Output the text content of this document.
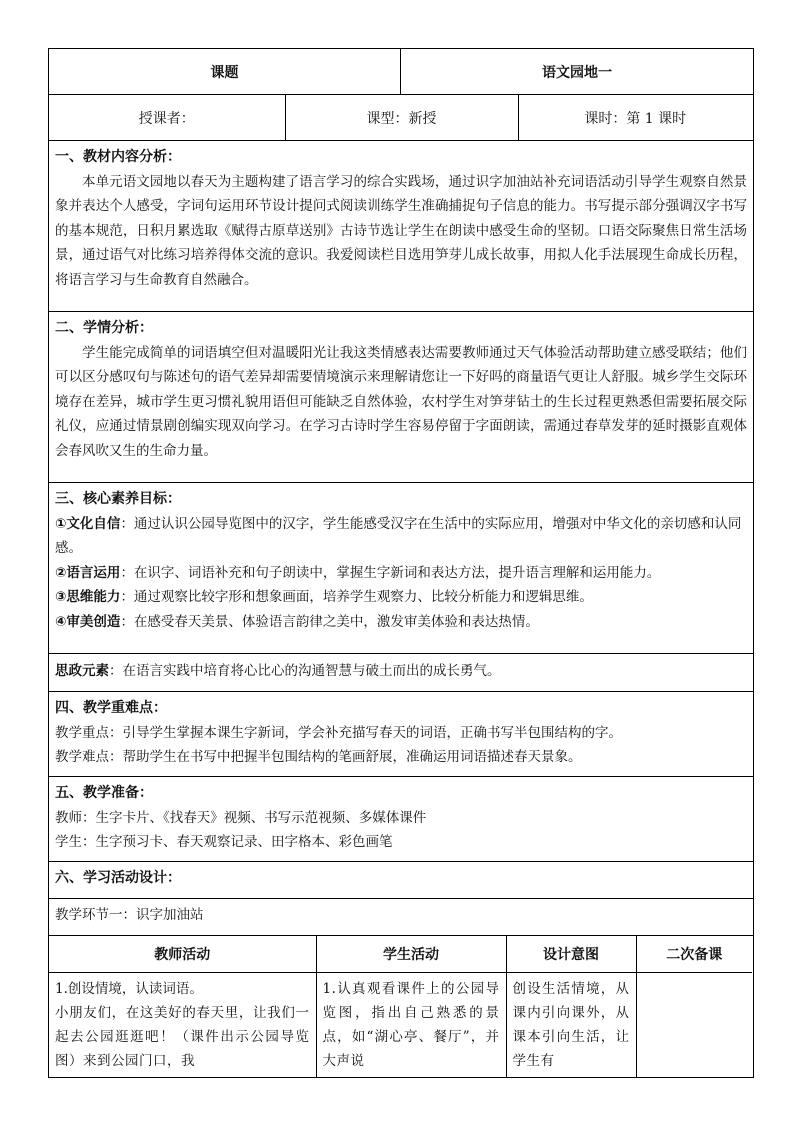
课题	语文园地一

授课者：	课型：新授	课时：第 1 课时

一、教材内容分析：
本单元语文园地以春天为主题构建了语言学习的综合实践场，通过识字加油站补充词语活动引导学生观察自然景象并表达个人感受，字词句运用环节设计提问式阅读训练学生准确捕捉句子信息的能力。书写提示部分强调汉字书写的基本规范，日积月累选取《赋得古原草送别》古诗节选让学生在朗读中感受生命的坚韧。口语交际聚焦日常生活场景，通过语气对比练习培养得体交流的意识。我爱阅读栏目选用笋芽儿成长故事，用拟人化手法展现生命成长历程，将语言学习与生命教育自然融合。

二、学情分析：
学生能完成简单的词语填空但对温暖阳光让我这类情感表达需要教师通过天气体验活动帮助建立感受联结；他们可以区分感叹句与陈述句的语气差异却需要情境演示来理解请您让一下好吗的商量语气更让人舒服。城乡学生交际环境存在差异，城市学生更习惯礼貌用语但可能缺乏自然体验，农村学生对笋芽钻土的生长过程更熟悉但需要拓展交际礼仪，应通过情景剧创编实现双向学习。在学习古诗时学生容易停留于字面朗读，需通过春草发芽的延时摄影直观体会春风吹又生的生命力量。

三、核心素养目标：
①文化自信：通过认识公园导览图中的汉字，学生能感受汉字在生活中的实际应用，增强对中华文化的亲切感和认同感。
②语言运用：在识字、词语补充和句子朗读中，掌握生字新词和表达方法，提升语言理解和运用能力。
③思维能力：通过观察比较字形和想象画面，培养学生观察力、比较分析能力和逻辑思维。
④审美创造：在感受春天美景、体验语言韵律之美中，激发审美体验和表达热情。

思政元素：在语言实践中培育将心比心的沟通智慧与破土而出的成长勇气。

四、教学重难点：
教学重点：引导学生掌握本课生字新词，学会补充描写春天的词语，正确书写半包围结构的字。
教学难点：帮助学生在书写中把握半包围结构的笔画舒展，准确运用词语描述春天景象。

五、教学准备：
教师：生字卡片、《找春天》视频、书写示范视频、多媒体课件
学生：生字预习卡、春天观察记录、田字格本、彩色画笔

六、学习活动设计：

教学环节一：识字加油站

教师活动	学生活动	设计意图	二次备课

1.创设情境，认读词语。
小朋友们，在这美好的春天里，让我们一起去公园逛逛吧！（课件出示公园导览图）来到公园门口，我
	1.认真观看课件上的公园导览图，指出自己熟悉的景点，如“湖心亭、餐厅”，并大声说	创设生活情境，从课内引向课外，从课本引向生活，让学生有	
